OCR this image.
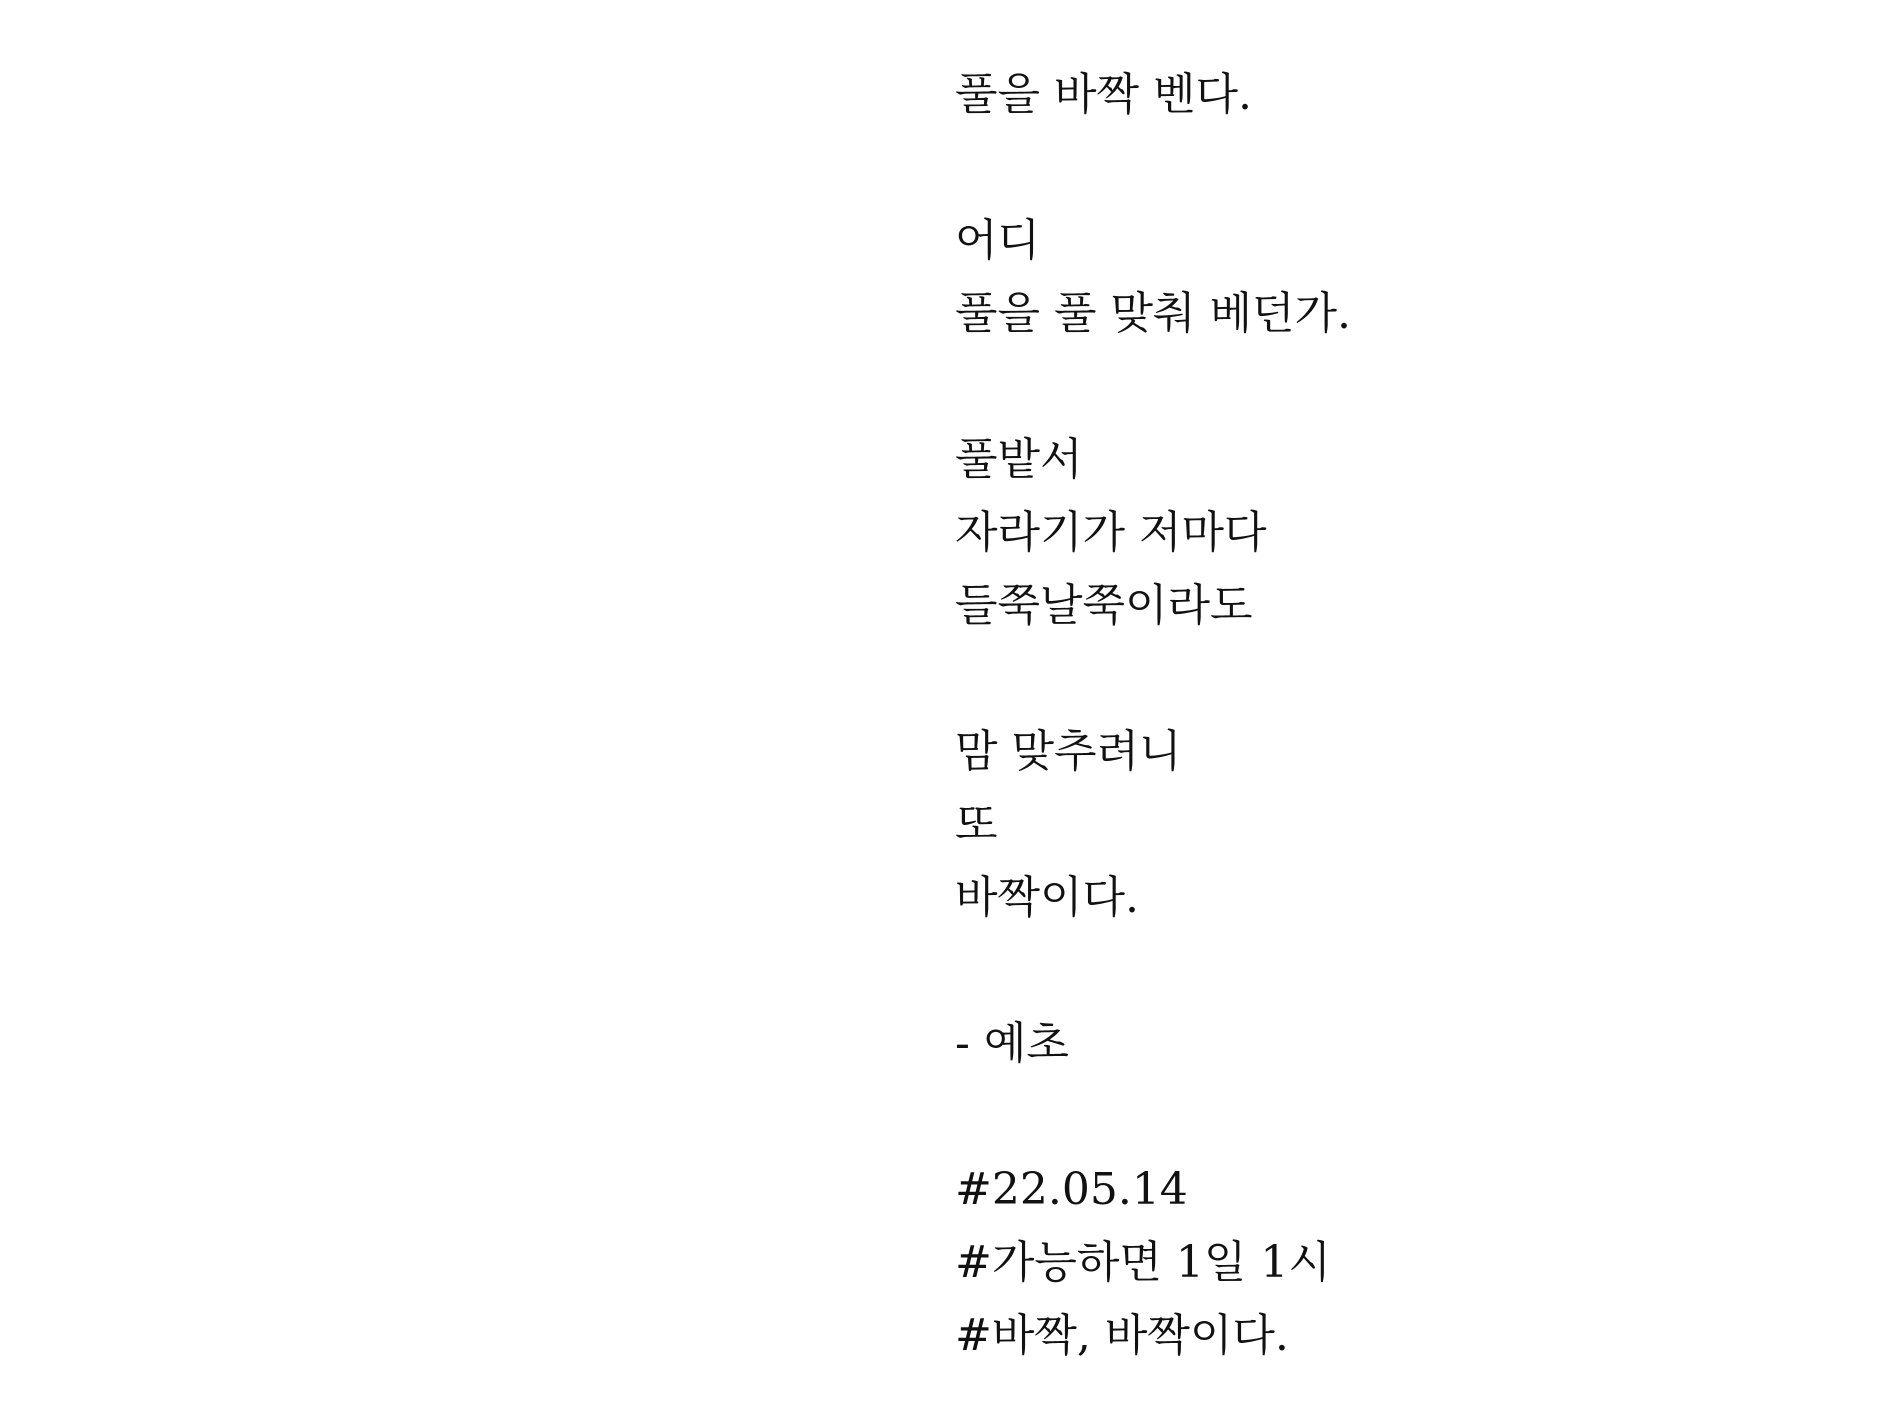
풀을 바짝 벤다.
어디
풀을 풀 맞춰 베던가.
풀밭서
자라기가 저마다
들쭉날쭉이라도
맘 맞추려니
또
바짝이다.
- 예초
#22.05.14
#가능하면 1일 1시
#바짝, 바짝이다.
